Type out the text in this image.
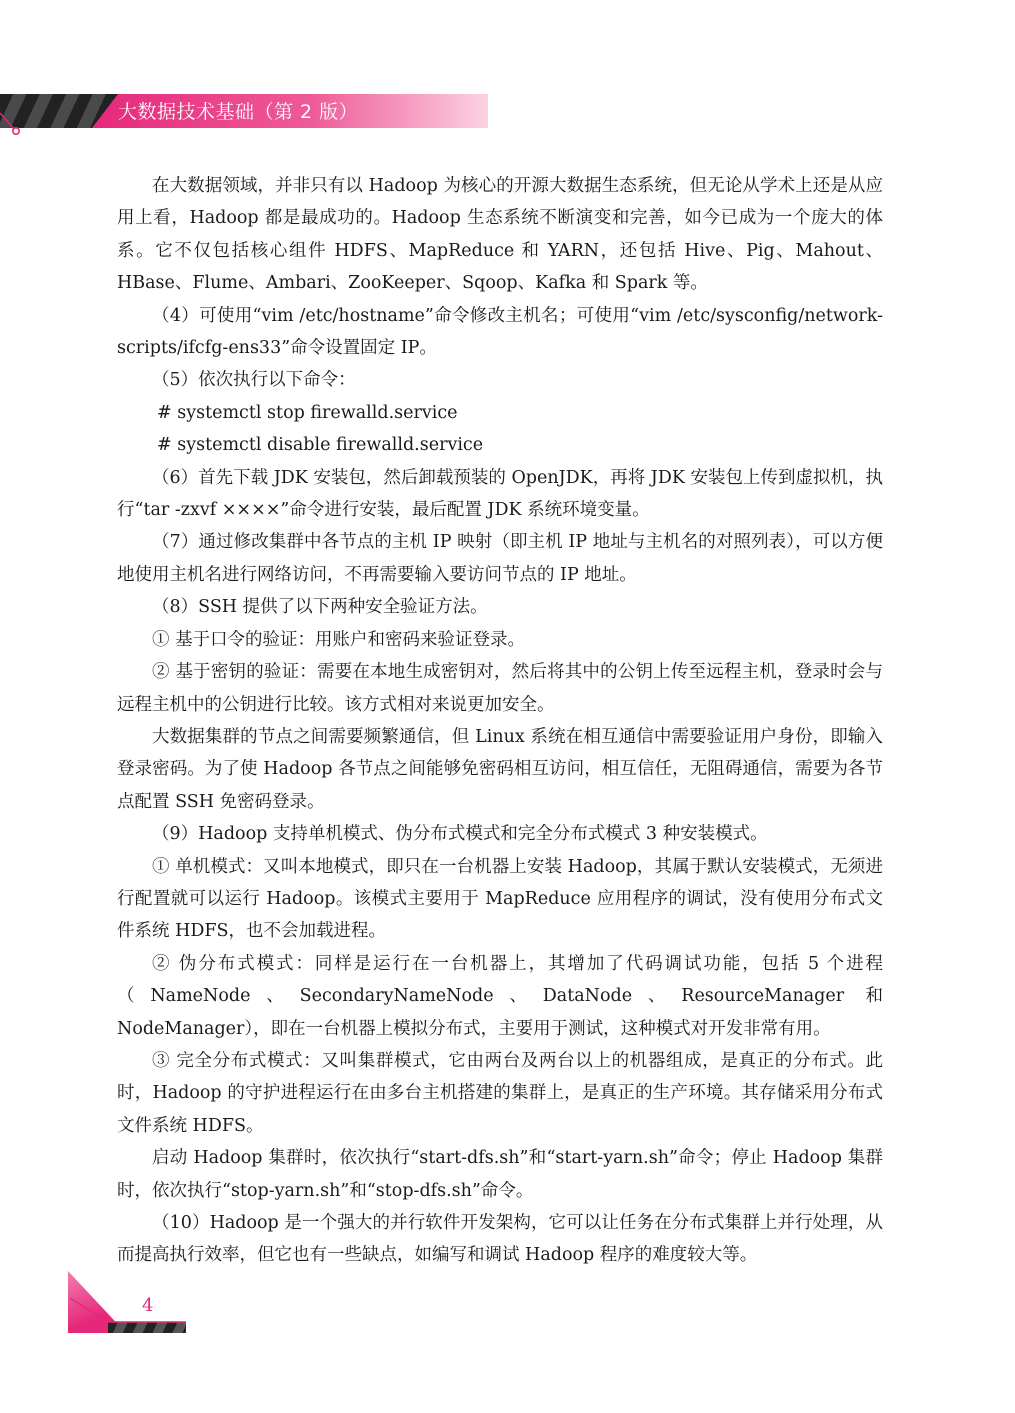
大数据技术基础（第 2 版）

在大数据领域，并非只有以 Hadoop 为核心的开源大数据生态系统，但无论从学术上还是从应用上看，Hadoop 都是最成功的。Hadoop 生态系统不断演变和完善，如今已成为一个庞大的体系。它不仅包括核心组件 HDFS、MapReduce 和 YARN，还包括 Hive、Pig、Mahout、HBase、Flume、Ambari、ZooKeeper、Sqoop、Kafka 和 Spark 等。

（4）可使用“vim /etc/hostname”命令修改主机名；可使用“vim /etc/sysconfig/network-scripts/ifcfg-ens33”命令设置固定 IP。

（5）依次执行以下命令：

# systemctl stop firewalld.service

# systemctl disable firewalld.service

（6）首先下载 JDK 安装包，然后卸载预装的 OpenJDK，再将 JDK 安装包上传到虚拟机，执行“tar -zxvf ××××”命令进行安装，最后配置 JDK 系统环境变量。

（7）通过修改集群中各节点的主机 IP 映射（即主机 IP 地址与主机名的对照列表），可以方便地使用主机名进行网络访问，不再需要输入要访问节点的 IP 地址。

（8）SSH 提供了以下两种安全验证方法。

① 基于口令的验证：用账户和密码来验证登录。

② 基于密钥的验证：需要在本地生成密钥对，然后将其中的公钥上传至远程主机，登录时会与远程主机中的公钥进行比较。该方式相对来说更加安全。

大数据集群的节点之间需要频繁通信，但 Linux 系统在相互通信中需要验证用户身份，即输入登录密码。为了使 Hadoop 各节点之间能够免密码相互访问，相互信任，无阻碍通信，需要为各节点配置 SSH 免密码登录。

（9）Hadoop 支持单机模式、伪分布式模式和完全分布式模式 3 种安装模式。

① 单机模式：又叫本地模式，即只在一台机器上安装 Hadoop，其属于默认安装模式，无须进行配置就可以运行 Hadoop。该模式主要用于 MapReduce 应用程序的调试，没有使用分布式文件系统 HDFS，也不会加载进程。

② 伪分布式模式：同样是运行在一台机器上，其增加了代码调试功能，包括 5 个进程（NameNode、SecondaryNameNode、DataNode、ResourceManager 和 NodeManager），即在一台机器上模拟分布式，主要用于测试，这种模式对开发非常有用。

③ 完全分布式模式：又叫集群模式，它由两台及两台以上的机器组成，是真正的分布式。此时，Hadoop 的守护进程运行在由多台主机搭建的集群上，是真正的生产环境。其存储采用分布式文件系统 HDFS。

启动 Hadoop 集群时，依次执行“start-dfs.sh”和“start-yarn.sh”命令；停止 Hadoop 集群时，依次执行“stop-yarn.sh”和“stop-dfs.sh”命令。

（10）Hadoop 是一个强大的并行软件开发架构，它可以让任务在分布式集群上并行处理，从而提高执行效率，但它也有一些缺点，如编写和调试 Hadoop 程序的难度较大等。

4
